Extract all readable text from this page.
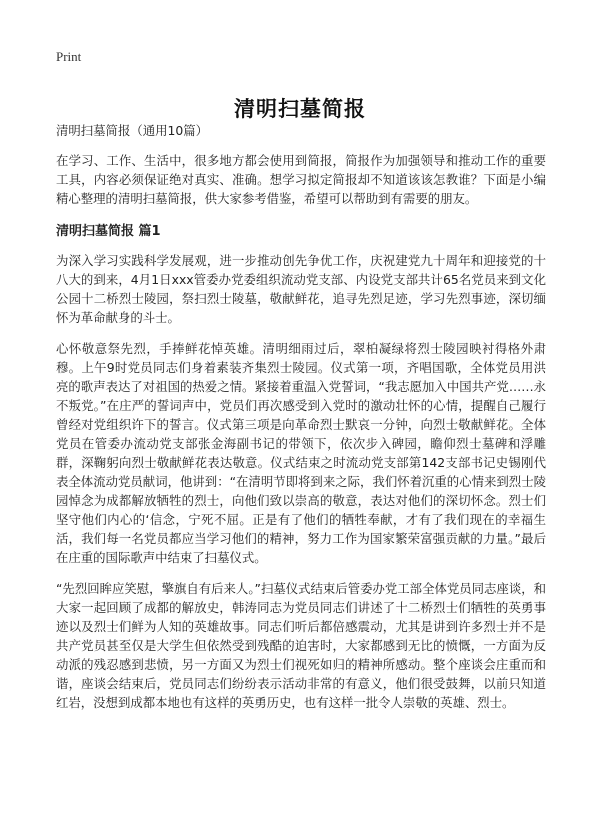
Print
清明扫墓简报

清明扫墓简报（通用10篇）

在学习、工作、生活中，很多地方都会使用到简报，简报作为加强领导和推动工作的重要工具，内容必须保证绝对真实、准确。想学习拟定简报却不知道该该怎教谁？下面是小编精心整理的清明扫墓简报，供大家参考借鉴，希望可以帮助到有需要的朋友。

清明扫墓简报 篇1

为深入学习实践科学发展观，进一步推动创先争优工作，庆祝建党九十周年和迎接党的十八大的到来，4月1日xxx管委办党委组织流动党支部、内设党支部共计65名党员来到文化公园十二桥烈士陵园，祭扫烈士陵墓，敬献鲜花，追寻先烈足迹，学习先烈事迹，深切缅怀为革命献身的斗士。

心怀敬意祭先烈，手捧鲜花悼英雄。清明细雨过后，翠柏凝绿将烈士陵园映衬得格外肃穆。上午9时党员同志们身着素装齐集烈士陵园。仪式第一项，齐唱国歌，全体党员用洪亮的歌声表达了对祖国的热爱之情。紧接着重温入党誓词，“我志愿加入中国共产党……永不叛党。”在庄严的誓词声中，党员们再次感受到入党时的激动壮怀的心情，提醒自己履行曾经对党组织许下的誓言。仪式第三项是向革命烈士默哀一分钟，向烈士敬献鲜花。全体党员在管委办流动党支部张金海副书记的带领下，依次步入碑园，瞻仰烈士墓碑和浮雕群，深鞠躬向烈士敬献鲜花表达敬意。仪式结束之时流动党支部第142支部书记史锡刚代表全体流动党员献词，他讲到：“在清明节即将到来之际，我们怀着沉重的心情来到烈士陵园悼念为成都解放牺牲的烈士，向他们致以崇高的敬意，表达对他们的深切怀念。烈士们坚守他们内心的‘信念，宁死不屈。正是有了他们的牺牲奉献，才有了我们现在的幸福生活，我们每一名党员都应当学习他们的精神，努力工作为国家繁荣富强贡献的力量。”最后在庄重的国际歌声中结束了扫墓仪式。

“先烈回眸应笑慰，擎旗自有后来人。”扫墓仪式结束后管委办党工部全体党员同志座谈，和大家一起回顾了成都的解放史，韩涛同志为党员同志们讲述了十二桥烈士们牺牲的英勇事迹以及烈士们鲜为人知的英雄故事。同志们听后都倍感震动，尤其是讲到许多烈士并不是共产党员甚至仅是大学生但依然受到残酷的迫害时，大家都感到无比的愤慨，一方面为反动派的残忍感到悲愤，另一方面又为烈士们视死如归的精神所感动。整个座谈会庄重而和谐，座谈会结束后，党员同志们纷纷表示活动非常的有意义，他们很受鼓舞，以前只知道红岩，没想到成都本地也有这样的英勇历史，也有这样一批令人崇敬的英雄、烈士。
